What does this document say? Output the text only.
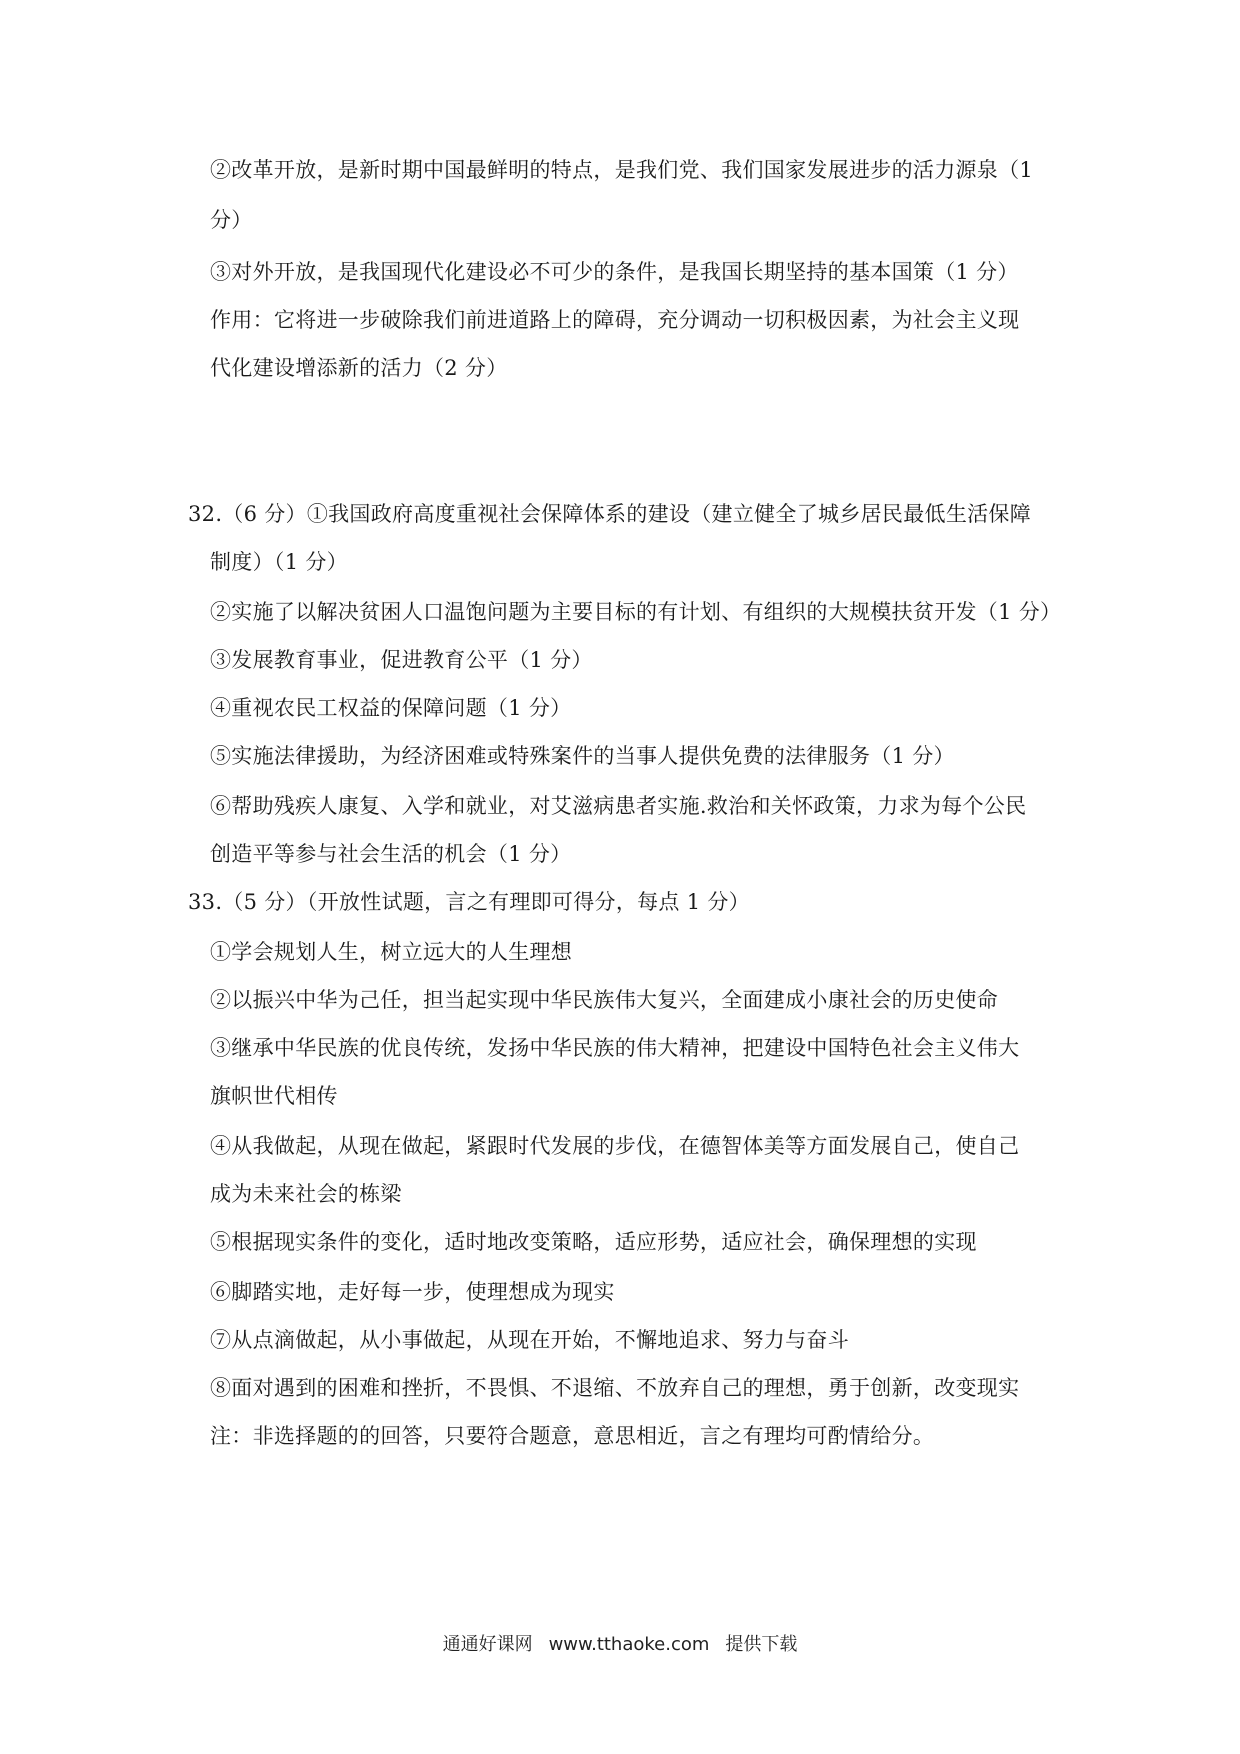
②改革开放，是新时期中国最鲜明的特点，是我们党、我们国家发展进步的活力源泉（1
分）
③对外开放，是我国现代化建设必不可少的条件，是我国长期坚持的基本国策（1 分）
作用：它将进一步破除我们前进道路上的障碍，充分调动一切积极因素，为社会主义现
代化建设增添新的活力（2 分）
32.（6 分）①我国政府高度重视社会保障体系的建设（建立健全了城乡居民最低生活保障
制度）（1 分）
②实施了以解决贫困人口温饱问题为主要目标的有计划、有组织的大规模扶贫开发（1 分）
③发展教育事业，促进教育公平（1 分）
④重视农民工权益的保障问题（1 分）
⑤实施法律援助，为经济困难或特殊案件的当事人提供免费的法律服务（1 分）
⑥帮助残疾人康复、入学和就业，对艾滋病患者实施.救治和关怀政策，力求为每个公民
创造平等参与社会生活的机会（1 分）
33.（5 分）（开放性试题，言之有理即可得分，每点 1 分）
①学会规划人生，树立远大的人生理想
②以振兴中华为己任，担当起实现中华民族伟大复兴，全面建成小康社会的历史使命
③继承中华民族的优良传统，发扬中华民族的伟大精神，把建设中国特色社会主义伟大
旗帜世代相传
④从我做起，从现在做起，紧跟时代发展的步伐，在德智体美等方面发展自己，使自己
成为未来社会的栋梁
⑤根据现实条件的变化，适时地改变策略，适应形势，适应社会，确保理想的实现
⑥脚踏实地，走好每一步，使理想成为现实
⑦从点滴做起，从小事做起，从现在开始，不懈地追求、努力与奋斗
⑧面对遇到的困难和挫折，不畏惧、不退缩、不放弃自己的理想，勇于创新，改变现实
注：非选择题的的回答，只要符合题意，意思相近，言之有理均可酌情给分。
通通好课网 www.tthaoke.com 提供下载
